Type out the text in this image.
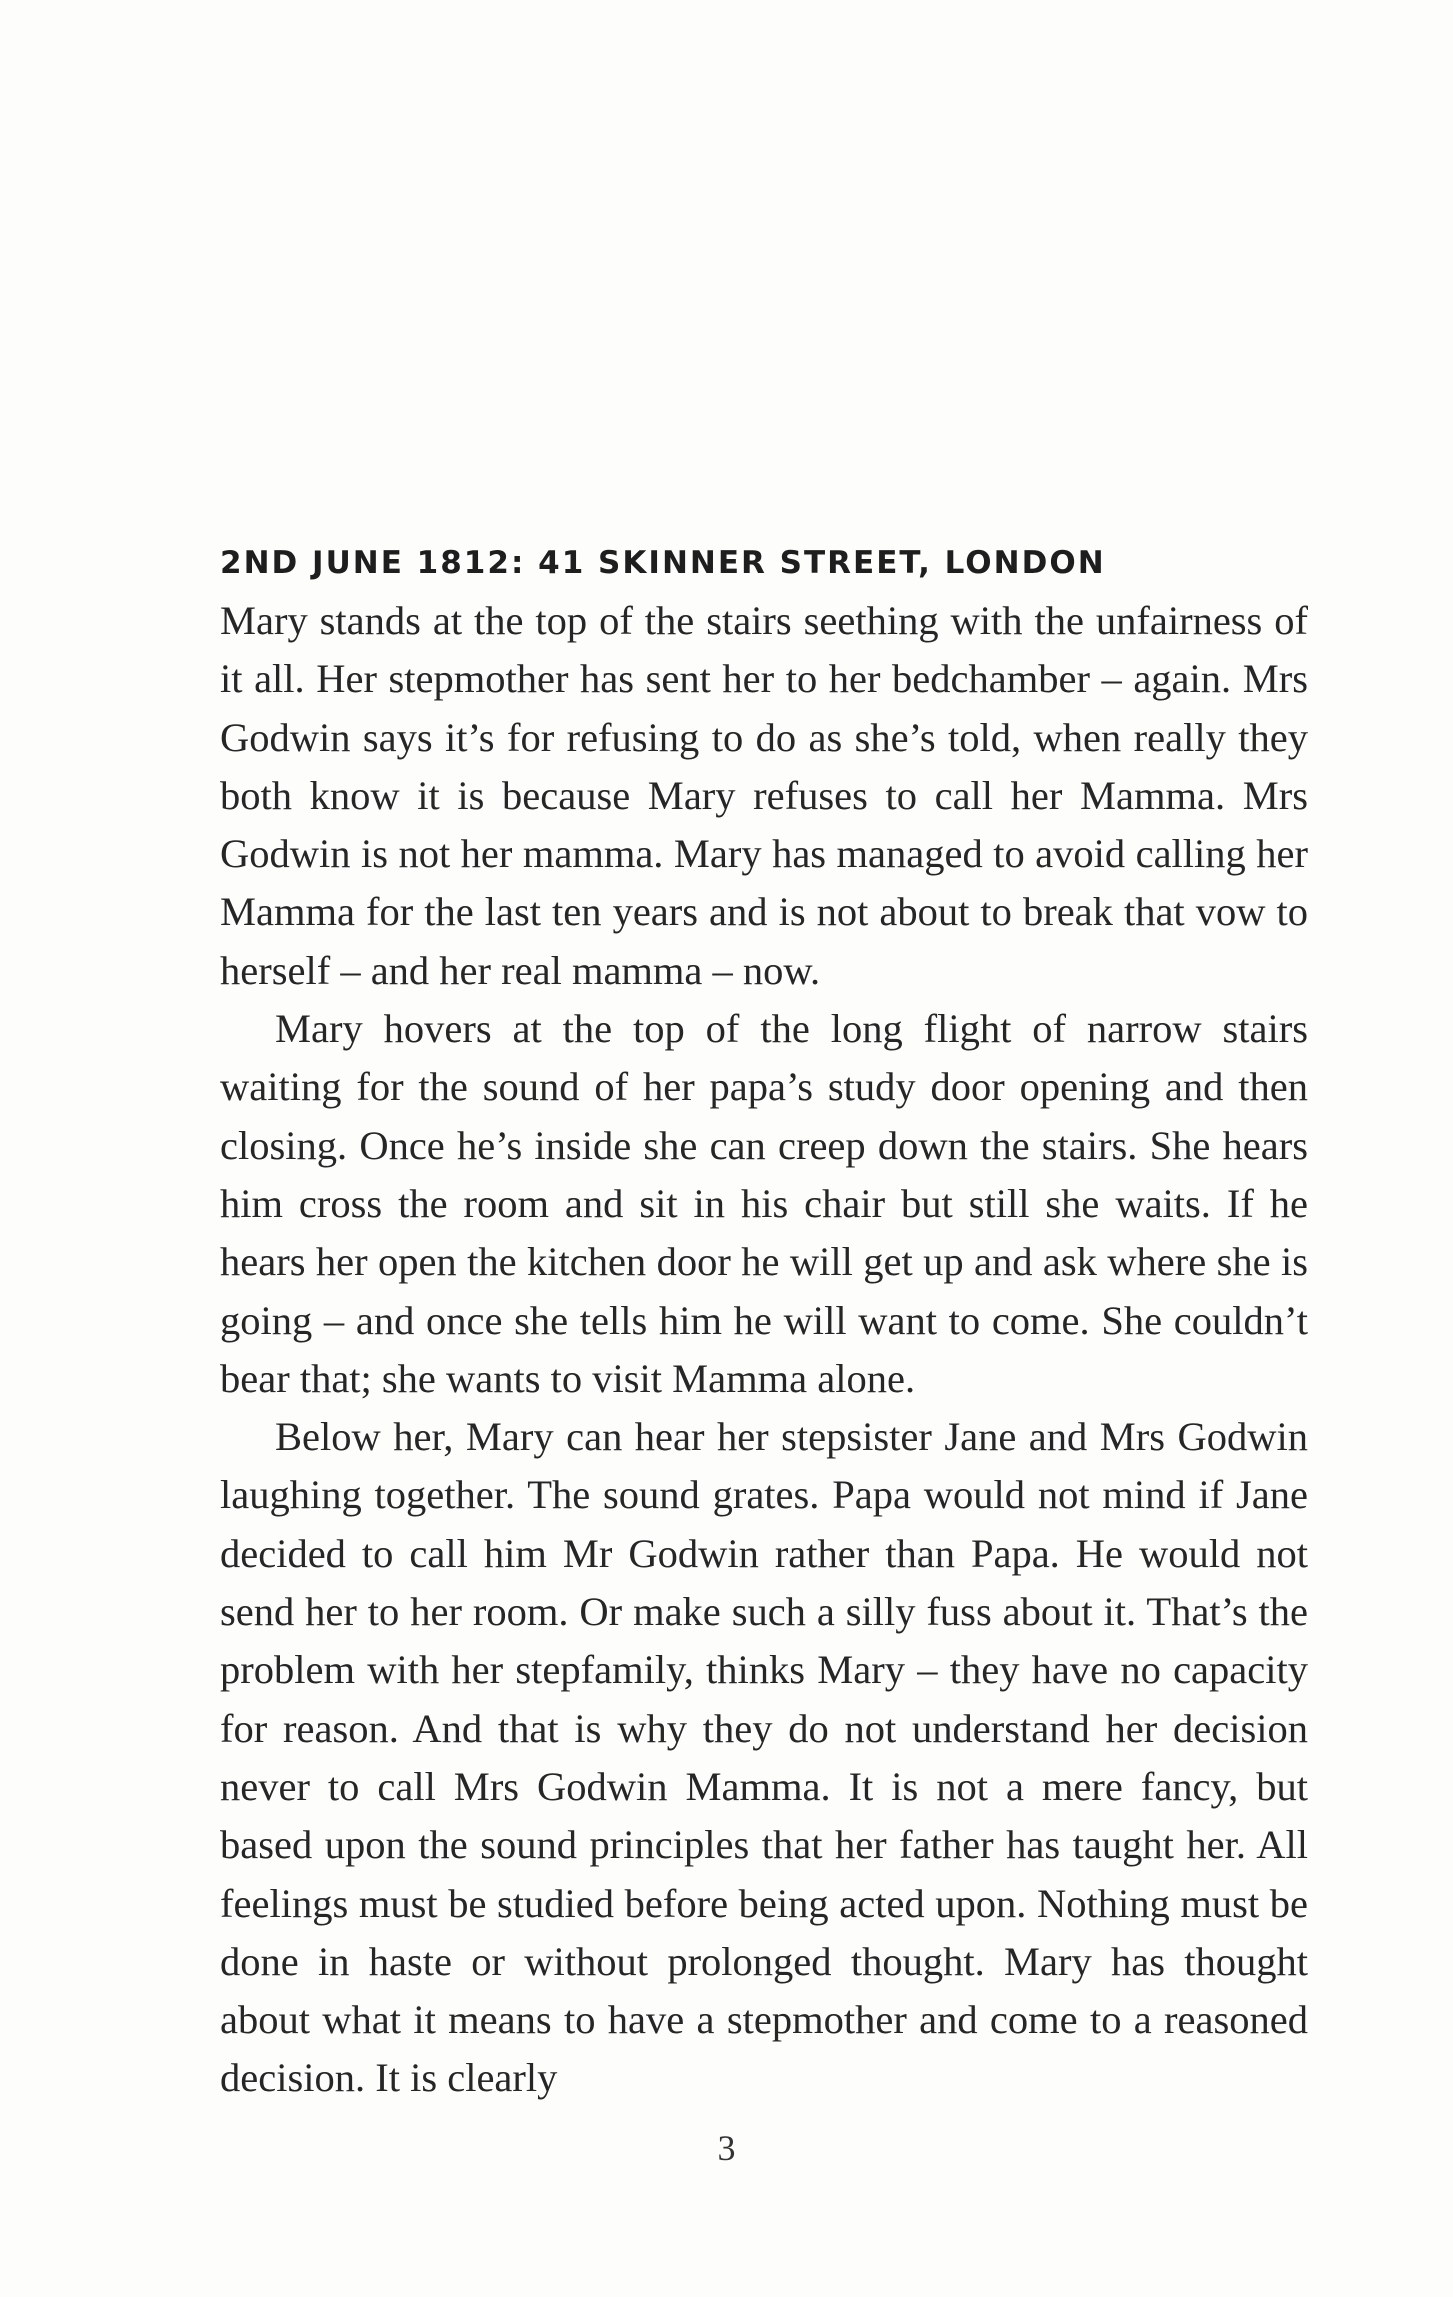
2ND JUNE 1812: 41 SKINNER STREET, LONDON

Mary stands at the top of the stairs seething with the unfairness of it all. Her stepmother has sent her to her bedchamber – again. Mrs Godwin says it’s for refusing to do as she’s told, when really they both know it is because Mary refuses to call her Mamma. Mrs Godwin is not her mamma. Mary has managed to avoid calling her Mamma for the last ten years and is not about to break that vow to herself – and her real mamma – now.

Mary hovers at the top of the long flight of narrow stairs waiting for the sound of her papa’s study door opening and then closing. Once he’s inside she can creep down the stairs. She hears him cross the room and sit in his chair but still she waits. If he hears her open the kitchen door he will get up and ask where she is going – and once she tells him he will want to come. She couldn’t bear that; she wants to visit Mamma alone.

Below her, Mary can hear her stepsister Jane and Mrs Godwin laughing together. The sound grates. Papa would not mind if Jane decided to call him Mr Godwin rather than Papa. He would not send her to her room. Or make such a silly fuss about it. That’s the problem with her stepfamily, thinks Mary – they have no capacity for reason. And that is why they do not understand her decision never to call Mrs Godwin Mamma. It is not a mere fancy, but based upon the sound principles that her father has taught her. All feelings must be studied before being acted upon. Nothing must be done in haste or without prolonged thought. Mary has thought about what it means to have a stepmother and come to a reasoned decision. It is clearly

3
